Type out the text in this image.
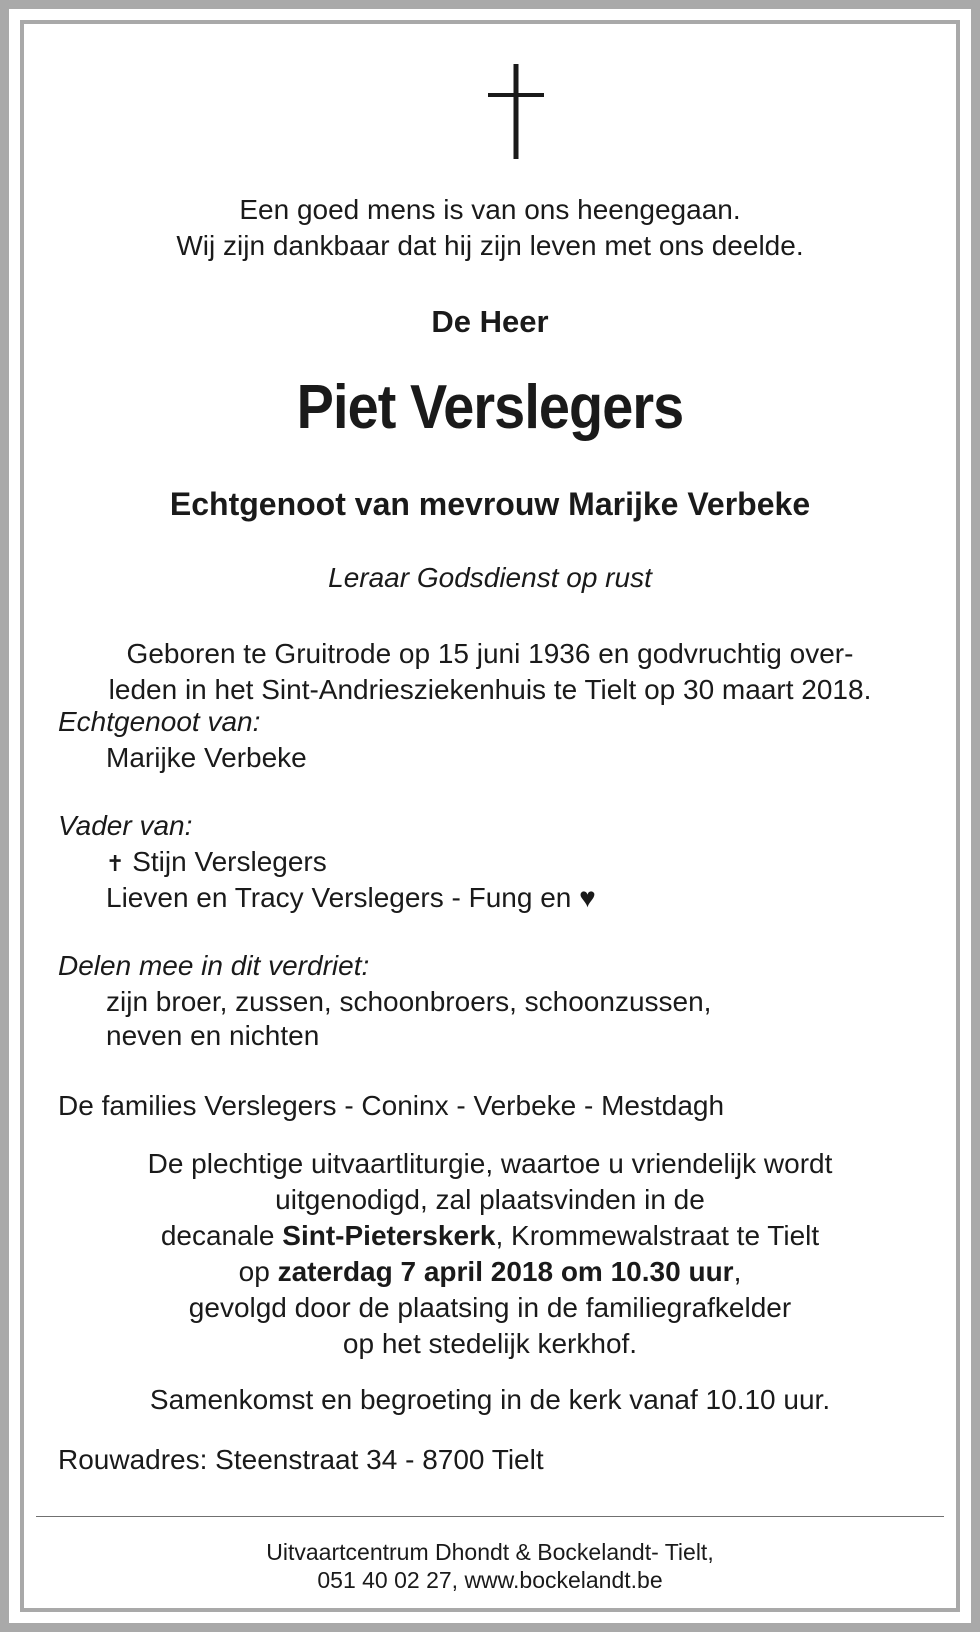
Een goed mens is van ons heengegaan.
Wij zijn dankbaar dat hij zijn leven met ons deelde.
De Heer
Piet Verslegers
Echtgenoot van mevrouw Marijke Verbeke
Leraar Godsdienst op rust
Geboren te Gruitrode op 15 juni 1936 en godvruchtig over-
leden in het Sint-Andriesziekenhuis te Tielt op 30 maart 2018.
Echtgenoot van:
Marijke Verbeke
Vader van:
✝ Stijn Verslegers
Lieven en Tracy Verslegers - Fung en ♥
Delen mee in dit verdriet:
zijn broer, zussen, schoonbroers, schoonzussen,
neven en nichten
De families Verslegers - Coninx - Verbeke - Mestdagh
De plechtige uitvaartliturgie, waartoe u vriendelijk wordt
uitgenodigd, zal plaatsvinden in de
decanale Sint-Pieterskerk, Krommewalstraat te Tielt
op zaterdag 7 april 2018 om 10.30 uur,
gevolgd door de plaatsing in de familiegrafkelder
op het stedelijk kerkhof.
Samenkomst en begroeting in de kerk vanaf 10.10 uur.
Rouwadres: Steenstraat 34 - 8700 Tielt
Uitvaartcentrum Dhondt & Bockelandt- Tielt,
051 40 02 27, www.bockelandt.be
